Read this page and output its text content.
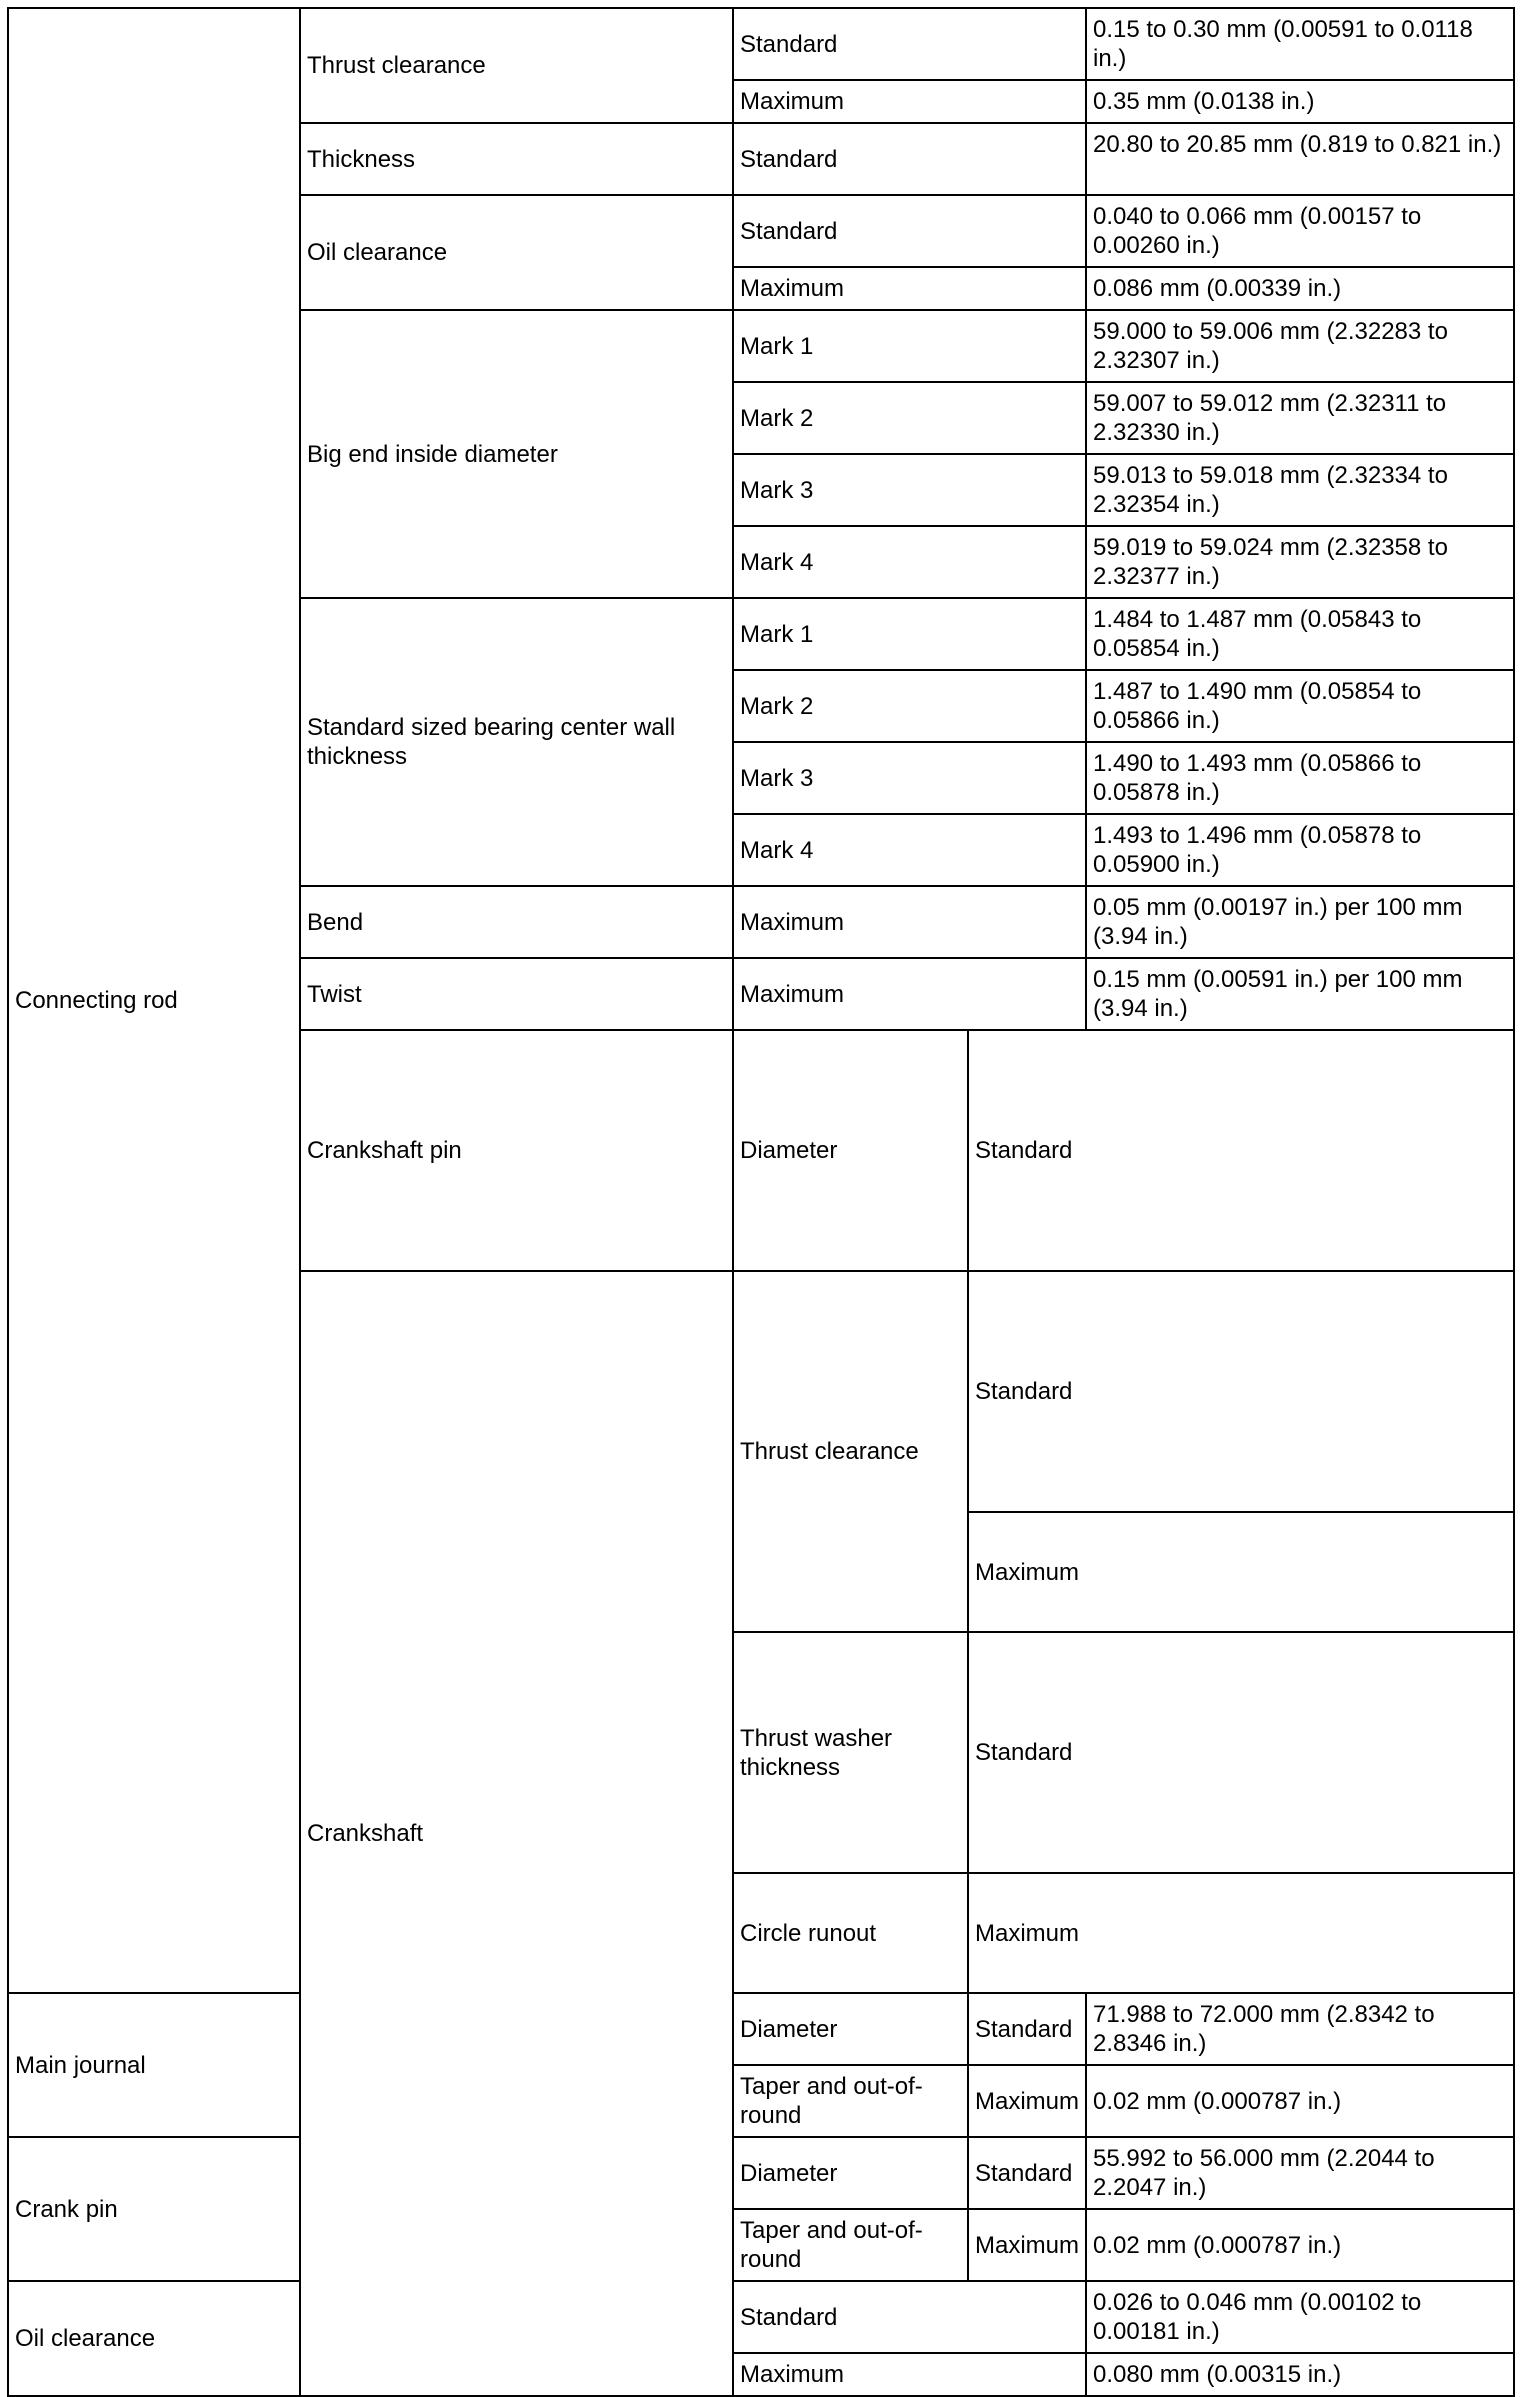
Connecting rod	Thrust clearance	Standard		0.15 to 0.30 mm (0.00591 to 0.0118 in.)	
		Maximum		0.35 mm (0.0138 in.)	
	Thickness	Standard		20.80 to 20.85 mm (0.819 to 0.821 in.)	
	Oil clearance	Standard		0.040 to 0.066 mm (0.00157 to 0.00260 in.)	
		Maximum		0.086 mm (0.00339 in.)	
	Big end inside diameter	Mark 1		59.000 to 59.006 mm (2.32283 to 2.32307 in.)	
		Mark 2		59.007 to 59.012 mm (2.32311 to 2.32330 in.)	
		Mark 3		59.013 to 59.018 mm (2.32334 to 2.32354 in.)	
		Mark 4		59.019 to 59.024 mm (2.32358 to 2.32377 in.)	
	Standard sized bearing center wall thickness	Mark 1		1.484 to 1.487 mm (0.05843 to 0.05854 in.)	
		Mark 2		1.487 to 1.490 mm (0.05854 to 0.05866 in.)	
		Mark 3		1.490 to 1.493 mm (0.05866 to 0.05878 in.)	
		Mark 4		1.493 to 1.496 mm (0.05878 to 0.05900 in.)	
	Bend	Maximum		0.05 mm (0.00197 in.) per 100 mm (3.94 in.)	
	Twist	Maximum		0.15 mm (0.00591 in.) per 100 mm (3.94 in.)	
	Crankshaft pin	Diameter	Standard	
	Crankshaft	Thrust clearance	Standard	
			Maximum	
		Thrust washer thickness	Standard	
		Circle runout	Maximum	
Main journal		Diameter	Standard	71.988 to 72.000 mm (2.8342 to 2.8346 in.)	
		Taper and out-of-round	Maximum	0.02 mm (0.000787 in.)	
Crank pin		Diameter	Standard	55.992 to 56.000 mm (2.2044 to 2.2047 in.)	
		Taper and out-of-round	Maximum	0.02 mm (0.000787 in.)	
Oil clearance		Standard		0.026 to 0.046 mm (0.00102 to 0.00181 in.)	
		Maximum		0.080 mm (0.00315 in.)	
